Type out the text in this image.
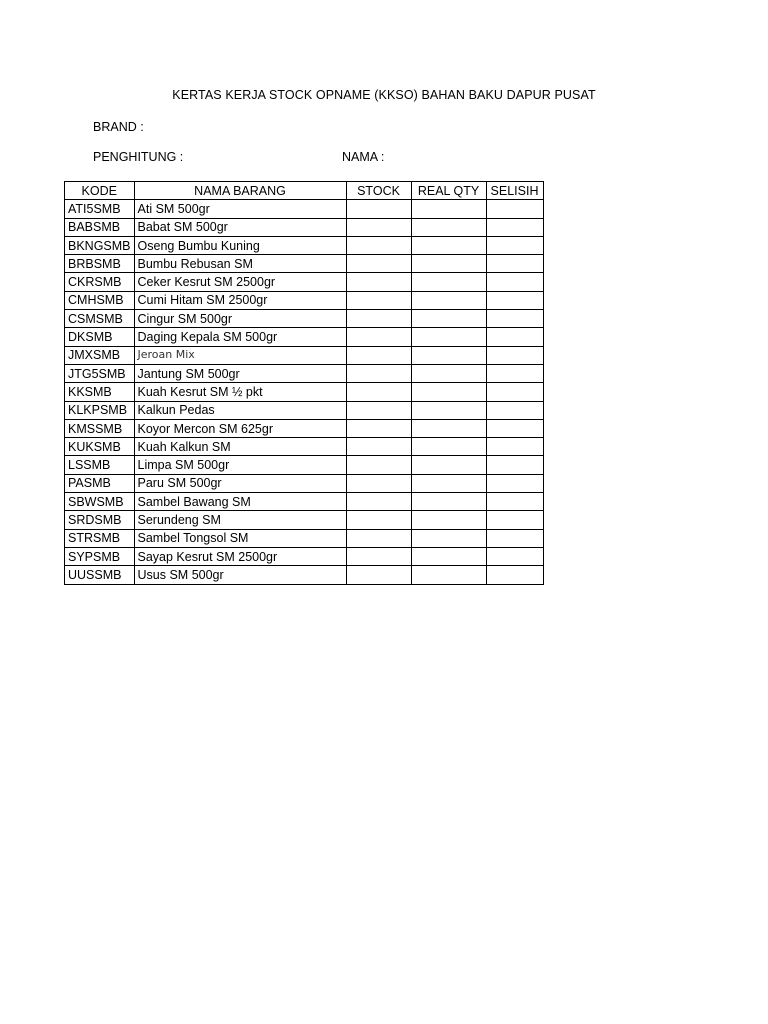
KERTAS KERJA STOCK OPNAME (KKSO) BAHAN BAKU DAPUR PUSAT
BRAND :
PENGHITUNG :	NAMA :
KODE	NAMA BARANG	STOCK	REAL QTY	SELISIH
ATI5SMB	Ati SM 500gr			
BABSMB	Babat SM 500gr			
BKNGSMB	Oseng Bumbu Kuning			
BRBSMB	Bumbu Rebusan SM			
CKRSMB	Ceker Kesrut SM 2500gr			
CMHSMB	Cumi Hitam SM 2500gr			
CSMSMB	Cingur SM 500gr			
DKSMB	Daging Kepala SM 500gr			
JMXSMB	Jeroan Mix			
JTG5SMB	Jantung SM 500gr			
KKSMB	Kuah Kesrut SM ½ pkt			
KLKPSMB	Kalkun Pedas			
KMSSMB	Koyor Mercon SM 625gr			
KUKSMB	Kuah Kalkun SM			
LSSMB	Limpa SM 500gr			
PASMB	Paru SM 500gr			
SBWSMB	Sambel Bawang SM			
SRDSMB	Serundeng SM			
STRSMB	Sambel Tongsol SM			
SYPSMB	Sayap Kesrut SM 2500gr			
UUSSMB	Usus SM 500gr			
